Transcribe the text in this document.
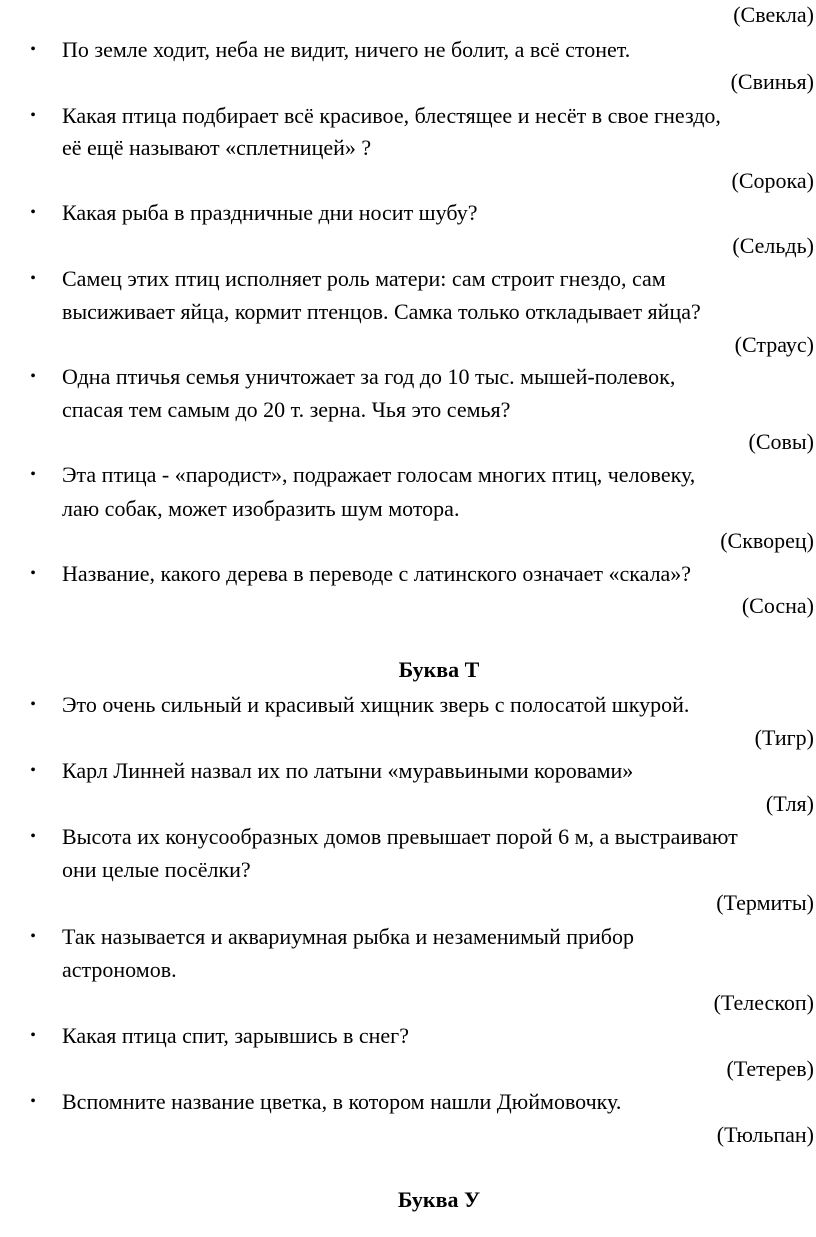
(Свекла)
• По земле ходит, неба не видит, ничего не болит, а всё стонет.
(Свинья)
• Какая птица подбирает всё красивое, блестящее и несёт в свое гнездо,
её ещё называют «сплетницей» ?
(Сорока)
• Какая рыба в праздничные дни носит шубу?
(Сельдь)
• Самец этих птиц исполняет роль матери: сам строит гнездо, сам
высиживает яйца, кормит птенцов. Самка только откладывает яйца?
(Страус)
• Одна птичья семья уничтожает за год до 10 тыс. мышей-полевок,
спасая тем самым до 20 т. зерна. Чья это семья?
(Совы)
• Эта птица - «пародист», подражает голосам многих птиц, человеку,
лаю собак, может изобразить шум мотора.
(Скворец)
• Название, какого дерева в переводе с латинского означает «скала»?
(Сосна)
Буква Т
• Это очень сильный и красивый хищник зверь с полосатой шкурой.
(Тигр)
• Карл Линней назвал их по латыни «муравьиными коровами»
(Тля)
• Высота их конусообразных домов превышает порой 6 м, а выстраивают
они целые посёлки?
(Термиты)
• Так называется и аквариумная рыбка и незаменимый прибор
астрономов.
(Телескоп)
• Какая птица спит, зарывшись в снег?
(Тетерев)
• Вспомните название цветка, в котором нашли Дюймовочку.
(Тюльпан)
Буква У
